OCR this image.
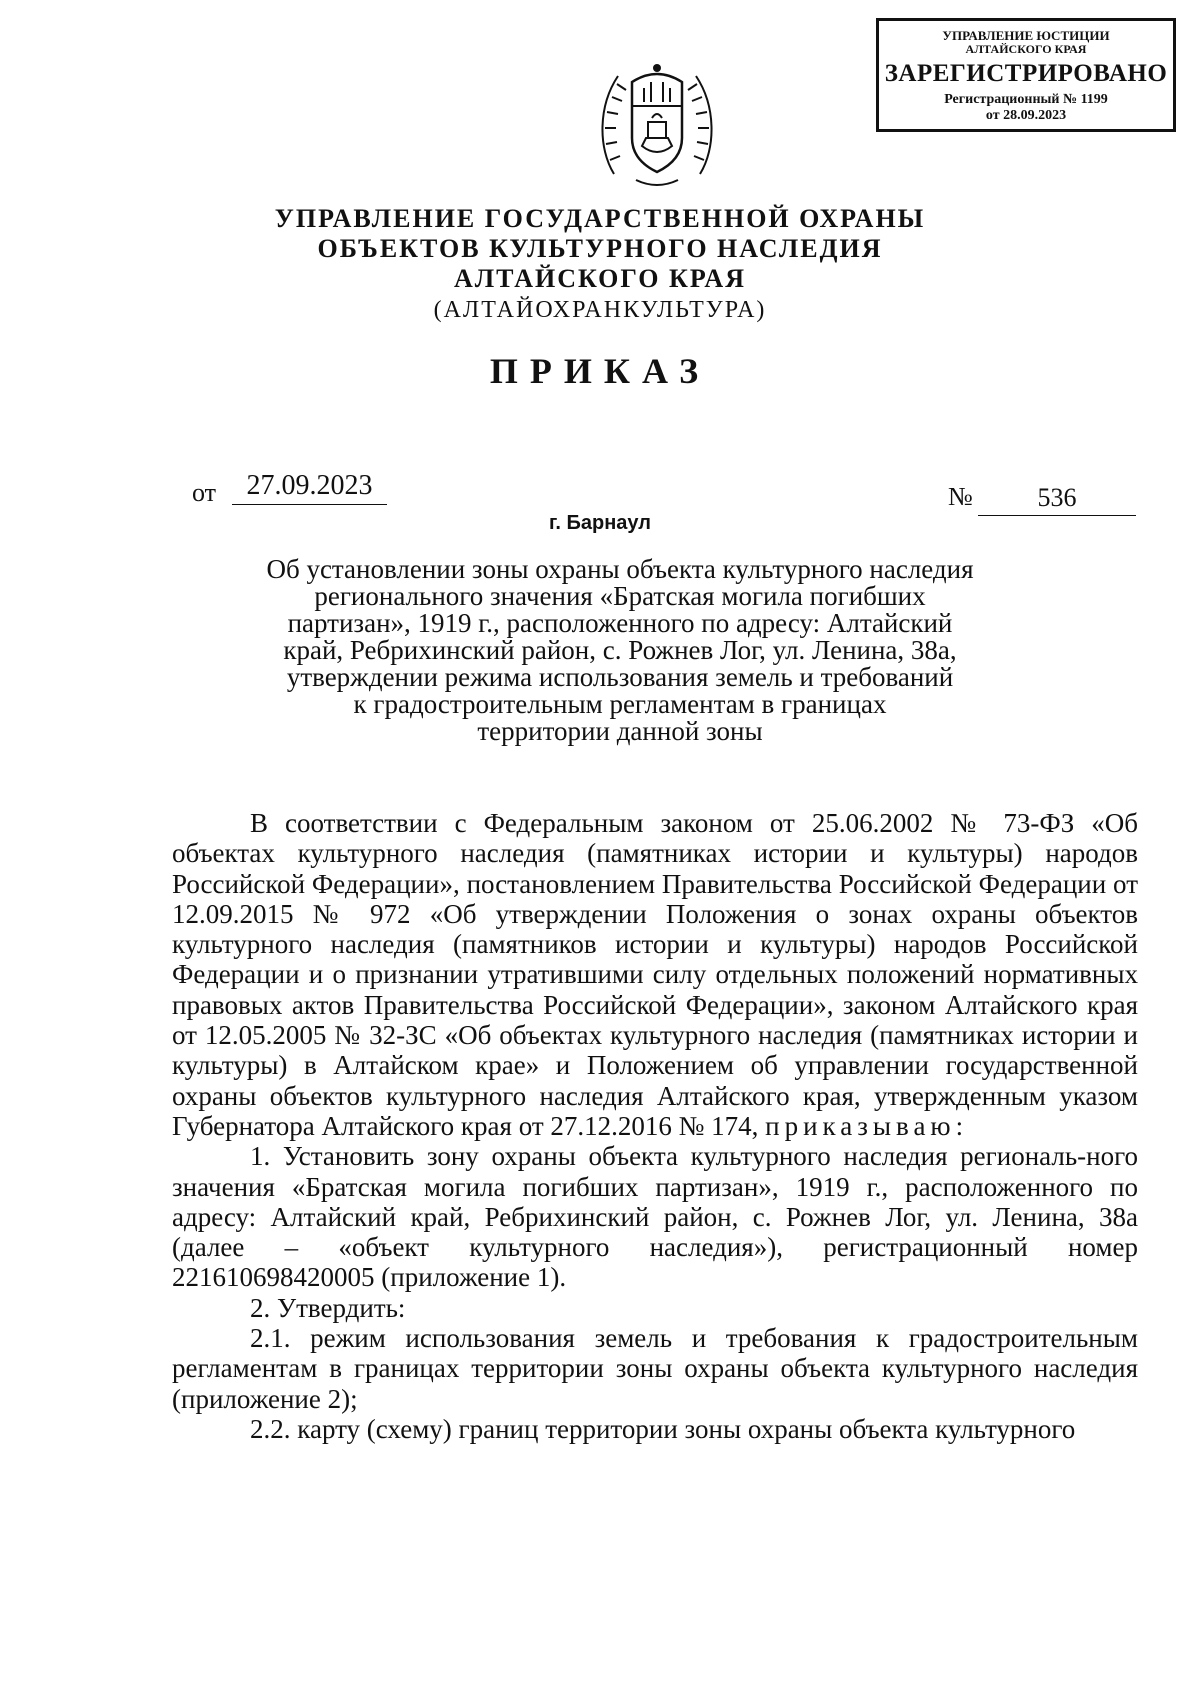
УПРАВЛЕНИЕ ЮСТИЦИИ
АЛТАЙСКОГО КРАЯ
ЗАРЕГИСТРИРОВАНО
Регистрационный № 1199
от 28.09.2023
УПРАВЛЕНИЕ ГОСУДАРСТВЕННОЙ ОХРАНЫ
ОБЪЕКТОВ КУЛЬТУРНОГО НАСЛЕДИЯ
АЛТАЙСКОГО КРАЯ
(АЛТАЙОХРАНКУЛЬТУРА)
ПРИКАЗ
от	27.09.2023	№	536
г. Барнаул
Об установлении зоны охраны объекта культурного наследия
регионального значения «Братская могила погибших
партизан», 1919 г., расположенного по адресу: Алтайский
край, Ребрихинский район, с. Рожнев Лог, ул. Ленина, 38а,
утверждении режима использования земель и требований
к градостроительным регламентам в границах
территории данной зоны

В соответствии с Федеральным законом от 25.06.2002 № 73-ФЗ «Об объектах культурного наследия (памятниках истории и культуры) народов Российской Федерации», постановлением Правительства Российской Федерации от 12.09.2015 № 972 «Об утверждении Положения о зонах охраны объектов культурного наследия (памятников истории и культуры) народов Российской Федерации и о признании утратившими силу отдельных положений нормативных правовых актов Правительства Российской Федерации», законом Алтайского края от 12.05.2005 № 32-ЗС «Об объектах культурного наследия (памятниках истории и культуры) в Алтайском крае» и Положением об управлении государственной охраны объектов культурного наследия Алтайского края, утвержденным указом Губернатора Алтайского края от 27.12.2016 № 174, приказываю:

1. Установить зону охраны объекта культурного наследия региональ-ного значения «Братская могила погибших партизан», 1919 г., расположенного по адресу: Алтайский край, Ребрихинский район, с. Рожнев Лог, ул. Ленина, 38а (далее – «объект культурного наследия»), регистрационный номер 221610698420005 (приложение 1).

2. Утвердить:

2.1. режим использования земель и требования к градостроительным регламентам в границах территории зоны охраны объекта культурного наследия (приложение 2);

2.2. карту (схему) границ территории зоны охраны объекта культурного
